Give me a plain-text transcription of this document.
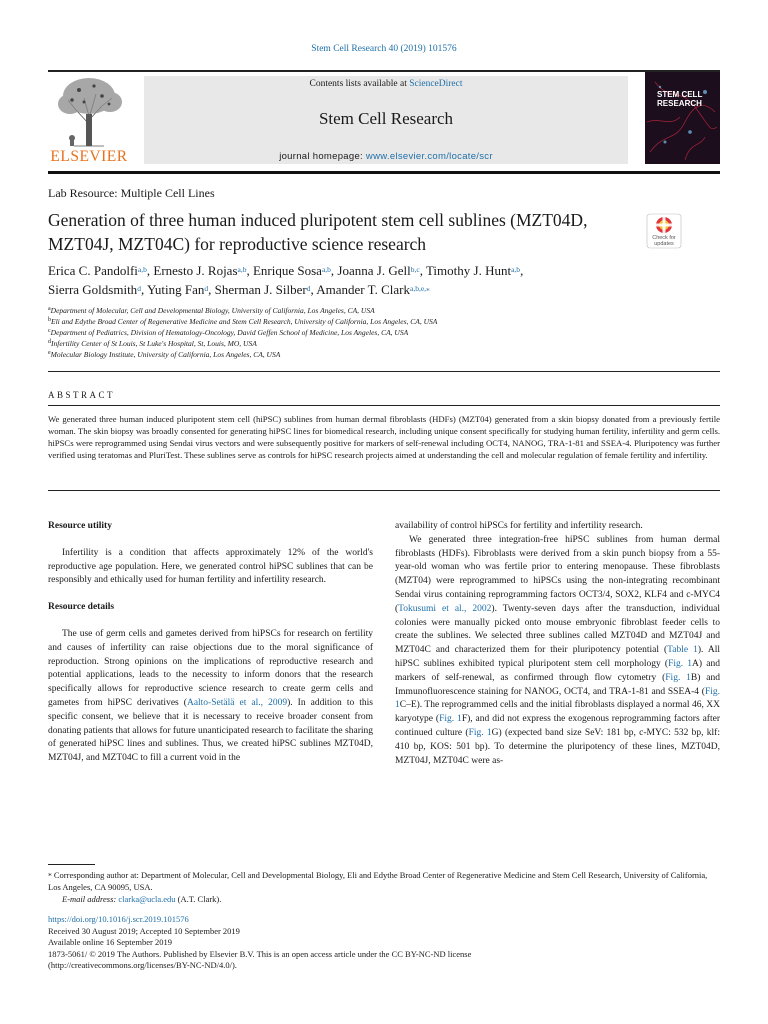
Stem Cell Research 40 (2019) 101576
ELSEVIER
Contents lists available at ScienceDirect
Stem Cell Research
journal homepage: www.elsevier.com/locate/scr
STEM CELL RESEARCH
Lab Resource: Multiple Cell Lines
Generation of three human induced pluripotent stem cell sublines (MZT04D, MZT04J, MZT04C) for reproductive science research	Check for updates
Erica C. Pandolfi$^{a,b}$, Ernesto J. Rojas$^{a,b}$, Enrique Sosa$^{a,b}$, Joanna J. Gell$^{b,c}$, Timothy J. Hunt$^{a,b}$,
Sierra Goldsmith$^d$, Yuting Fan$^d$, Sherman J. Silber$^d$, Amander T. Clark$^{a,b,e,⁎}$
$^a$Department of Molecular, Cell and Developmental Biology, University of California, Los Angeles, CA, USA
$^b$Eli and Edythe Broad Center of Regenerative Medicine and Stem Cell Research, University of California, Los Angeles, CA, USA
$^c$Department of Pediatrics, Division of Hematology-Oncology, David Geffen School of Medicine, Los Angeles, CA, USA
$^d$Infertility Center of St Louis, St Luke's Hospital, St, Louis, MO, USA
$^e$Molecular Biology Institute, University of California, Los Angeles, CA, USA
ABSTRACT
We generated three human induced pluripotent stem cell (hiPSC) sublines from human dermal fibroblasts (HDFs) (MZT04) generated from a skin biopsy donated from a previously fertile woman. The skin biopsy was broadly consented for generating hiPSC lines for biomedical research, including unique consent specifically for studying human fertility, infertility and germ cells. hiPSCs were reprogrammed using Sendai virus vectors and were subsequently positive for markers of self-renewal including OCT4, NANOG, TRA-1-81 and SSEA-4. Pluripotency was further verified using teratomas and PluriTest. These sublines serve as controls for hiPSC research projects aimed at understanding the cell and molecular regulation of female fertility and infertility.
Resource utility

Infertility is a condition that affects approximately 12% of the world's reproductive age population. Here, we generated control hiPSC sublines that can be responsibly and ethically used for human fertility and infertility research.

Resource details

The use of germ cells and gametes derived from hiPSCs for research on fertility and causes of infertility can raise objections due to the moral significance of reproduction. Strong opinions on the implications of reproductive research and potential applications, leads to the necessity to inform donors that the research specifically allows for reproductive science research to create germ cells and gametes from hiPSC derivatives (Aalto-Setälä et al., 2009). In addition to this specific consent, we believe that it is necessary to receive broader consent from donating patients that allows for future unanticipated research to facilitate the sharing of generated hiPSC lines and sublines. Thus, we created hiPSC sublines MZT04D, MZT04J, and MZT04C to fill a current void in the

availability of control hiPSCs for fertility and infertility research.

We generated three integration-free hiPSC sublines from human dermal fibroblasts (HDFs). Fibroblasts were derived from a skin punch biopsy from a 55-year-old woman who was fertile prior to entering menopause. These fibroblasts (MZT04) were reprogrammed to hiPSCs using the non-integrating recombinant Sendai virus containing reprogramming factors OCT3/4, SOX2, KLF4 and c-MYC4 (Tokusumi et al., 2002). Twenty-seven days after the transduction, individual colonies were manually picked onto mouse embryonic fibroblast feeder cells to create the sublines. We selected three sublines called MZT04D and MZT04J and MZT04C and characterized them for their pluripotency potential (Table 1). All hiPSC sublines exhibited typical pluripotent stem cell morphology (Fig. 1A) and markers of self-renewal, as confirmed through flow cytometry (Fig. 1B) and Immunofluorescence staining for NANOG, OCT4, and TRA-1-81 and SSEA-4 (Fig. 1C–E). The reprogrammed cells and the initial fibroblasts displayed a normal 46, XX karyotype (Fig. 1F), and did not express the exogenous reprogramming factors after continued culture (Fig. 1G) (expected band size SeV: 181 bp, c-MYC: 532 bp, klf: 410 bp, KOS: 501 bp). To determine the pluripotency of these lines, MZT04D, MZT04J, MZT04C were as-

⁎ Corresponding author at: Department of Molecular, Cell and Developmental Biology, Eli and Edythe Broad Center of Regenerative Medicine and Stem Cell Research, University of California, Los Angeles, CA 90095, USA.
E-mail address: clarka@ucla.edu (A.T. Clark).
https://doi.org/10.1016/j.scr.2019.101576
Received 30 August 2019; Accepted 10 September 2019
Available online 16 September 2019
1873-5061/ © 2019 The Authors. Published by Elsevier B.V. This is an open access article under the CC BY-NC-ND license
(http://creativecommons.org/licenses/BY-NC-ND/4.0/).
